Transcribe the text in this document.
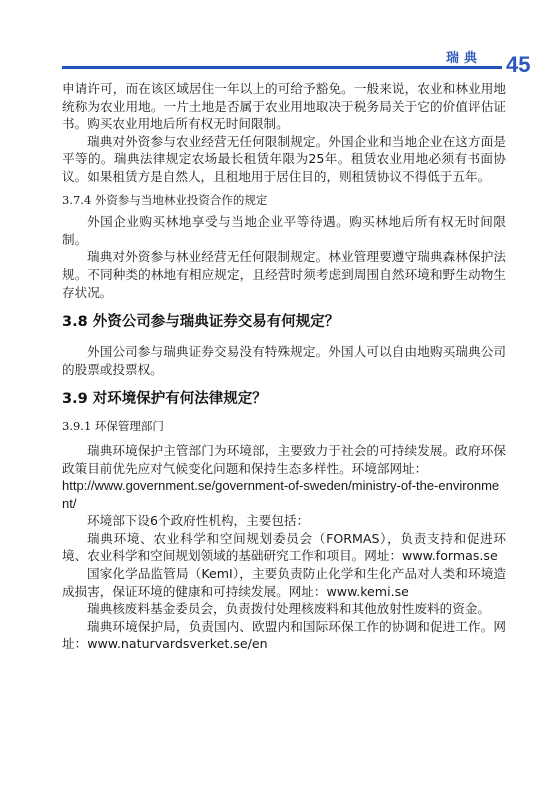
瑞典	45

申请许可，而在该区域居住一年以上的可给予豁免。一般来说，农业和林业用地统称为农业用地。一片土地是否属于农业用地取决于税务局关于它的价值评估证书。购买农业用地后所有权无时间限制。

瑞典对外资参与农业经营无任何限制规定。外国企业和当地企业在这方面是平等的。瑞典法律规定农场最长租赁年限为25年。租赁农业用地必须有书面协议。如果租赁方是自然人，且租地用于居住目的，则租赁协议不得低于五年。

3.7.4 外资参与当地林业投资合作的规定

外国企业购买林地享受与当地企业平等待遇。购买林地后所有权无时间限制。

瑞典对外资参与林业经营无任何限制规定。林业管理要遵守瑞典森林保护法规。不同种类的林地有相应规定，且经营时须考虑到周围自然环境和野生动物生存状况。

3.8 外资公司参与瑞典证券交易有何规定？

外国公司参与瑞典证券交易没有特殊规定。外国人可以自由地购买瑞典公司的股票或投票权。

3.9 对环境保护有何法律规定？

3.9.1 环保管理部门

瑞典环境保护主管部门为环境部，主要致力于社会的可持续发展。政府环保政策目前优先应对气候变化问题和保持生态多样性。环境部网址：

http://www.government.se/government-of-sweden/ministry-of-the-environment/

环境部下设6个政府性机构，主要包括：

瑞典环境、农业科学和空间规划委员会（FORMAS），负责支持和促进环境、农业科学和空间规划领域的基础研究工作和项目。网址：www.formas.se

国家化学品监管局（KemI），主要负责防止化学和生化产品对人类和环境造成损害，保证环境的健康和可持续发展。网址：www.kemi.se

瑞典核废料基金委员会，负责拨付处理核废料和其他放射性废料的资金。

瑞典环境保护局，负责国内、欧盟内和国际环保工作的协调和促进工作。网址：www.naturvardsverket.se/en
